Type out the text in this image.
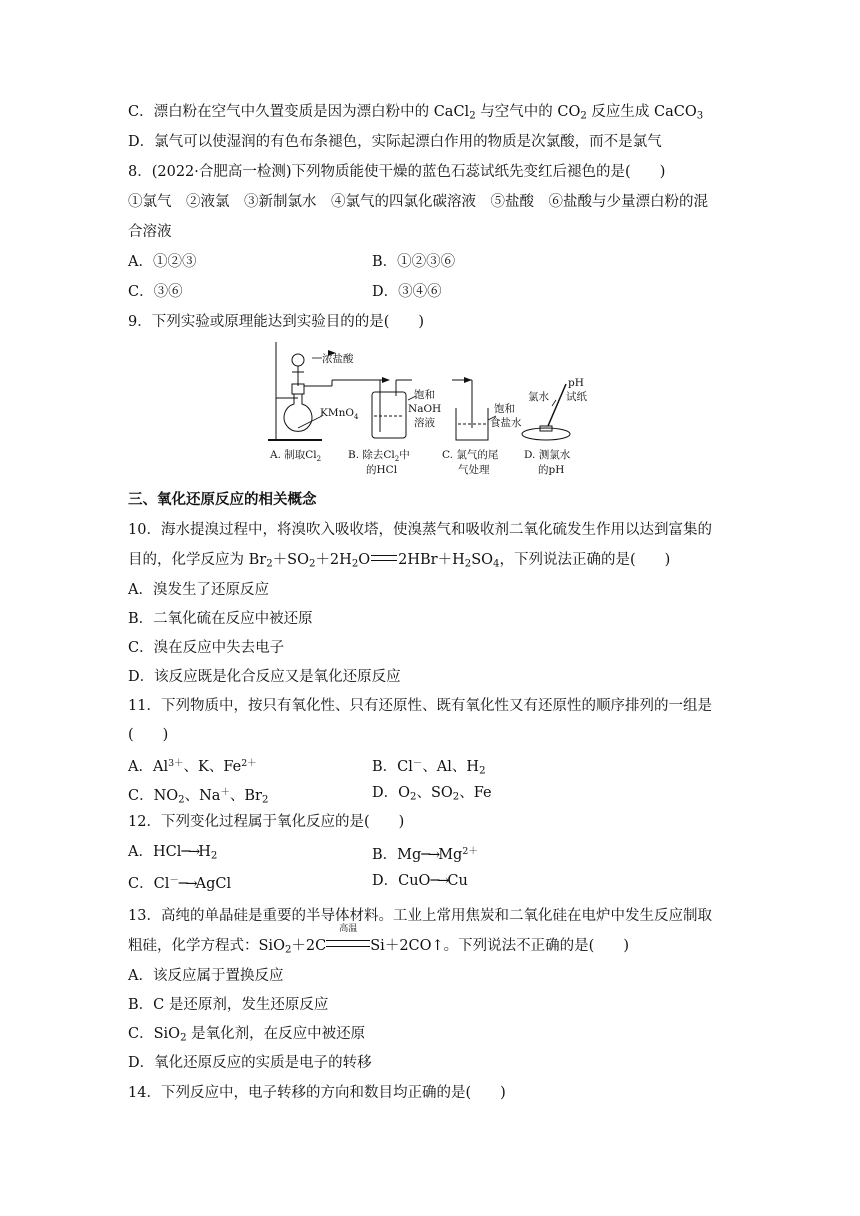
C．漂白粉在空气中久置变质是因为漂白粉中的 CaCl$_2$ 与空气中的 $CO_2$ 反应生成 CaCO$_3$
D．氯气可以使湿润的有色布条褪色，实际起漂白作用的物质是次氯酸，而不是氯气
8．(2022·合肥高一检测)下列物质能使干燥的蓝色石蕊试纸先变红后褪色的是(　　)
①氯气　②液氯　③新制氯水　④氯气的四氯化碳溶液　⑤盐酸　⑥盐酸与少量漂白粉的混
合溶液
A．①②③	B．①②③⑥
C．③⑥	D．③④⑥
9．下列实验或原理能达到实验目的的是(　　)
浓盐酸
KMnO$_4$
饱和
NaOH
溶液
饱和
食盐水
氯水
pH
试纸
A. 制取$Cl_2$	B. 除去$Cl_2$中
的HCl
C. 氯气的尾
气处理
D. 测氯水
的pH
三、氧化还原反应的相关概念
10．海水提溴过程中，将溴吹入吸收塔，使溴蒸气和吸收剂二氧化硫发生作用以达到富集的
目的，化学反应为 $Br_2+SO_2+2H_2O$ $2HBr+H_2SO_4$，下列说法正确的是(　　)
A．溴发生了还原反应
B．二氧化硫在反应中被还原
C．溴在反应中失去电子
D．该反应既是化合反应又是氧化还原反应
11．下列物质中，按只有氧化性、只有还原性、既有氧化性又有还原性的顺序排列的一组是
(　　)
A．$Al^{3+}$、K、$Fe^{2+}$	B．Cl－、Al、$H_2$
C．$NO_2$、Na＋、$Br_2$	D．$O_2$、$SO_2$、Fe
12．下列变化过程属于氧化反应的是(　　)
A．$HCl─\to H_2$	B．$Mg─\to Mg^{2+}$
C．Cl－─→AgCl	D．CuO─→Cu
13．高纯的单晶硅是重要的半导体材料。工业上常用焦炭和二氧化硅在电炉中发生反应制取
粗硅，化学方程式：SiO$_2$＋2C
高温
Si＋2CO↑。下列说法不正确的是(　　)
A．该反应属于置换反应
B．C 是还原剂，发生还原反应
C．SiO$_2$ 是氧化剂，在反应中被还原
D．氧化还原反应的实质是电子的转移
14．下列反应中，电子转移的方向和数目均正确的是(　　)
